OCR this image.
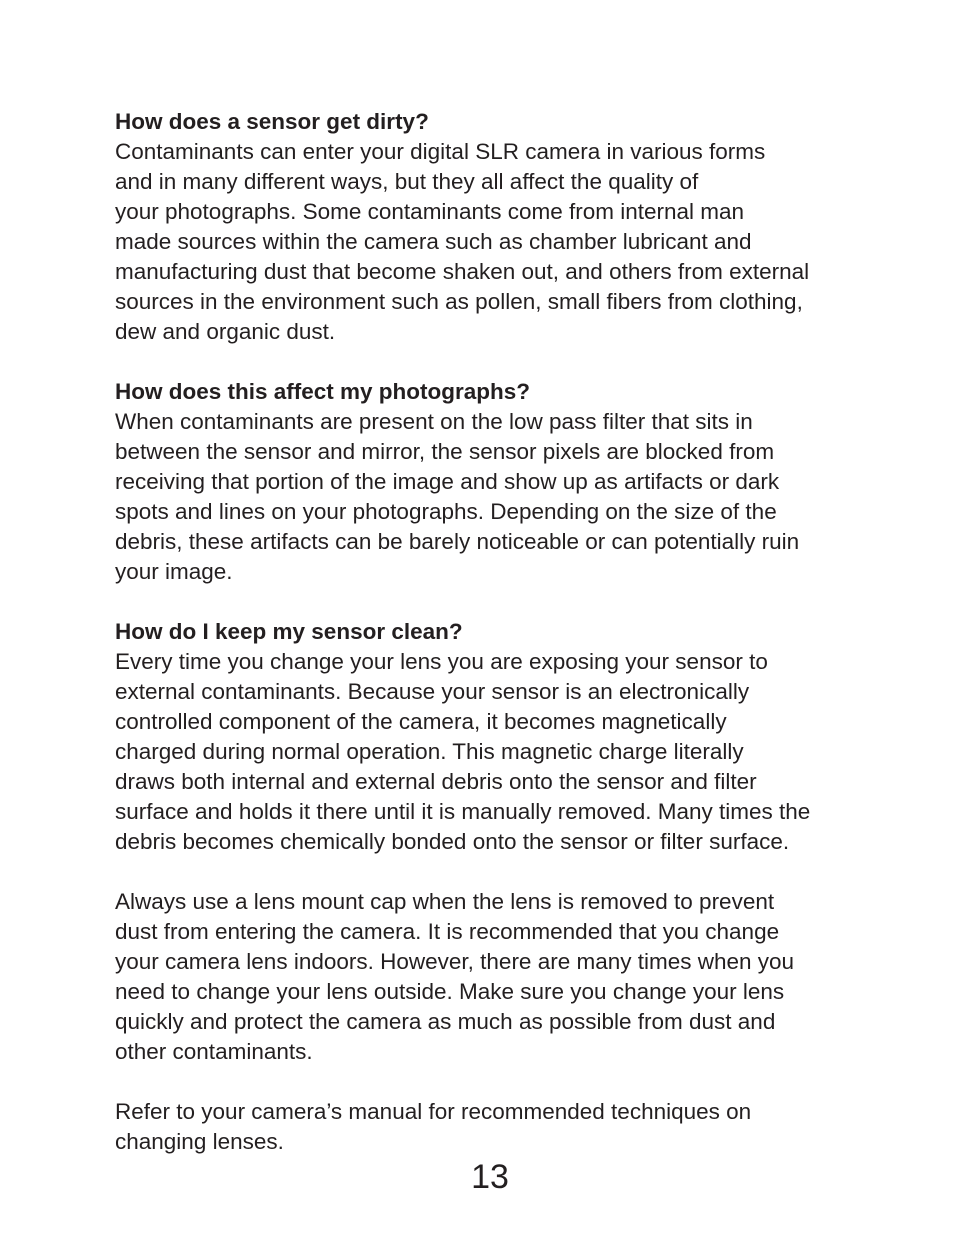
How does a sensor get dirty?
Contaminants can enter your digital SLR camera in various forms
and in many different ways, but they all affect the quality of
your photographs. Some contaminants come from internal man
made sources within the camera such as chamber lubricant and
manufacturing dust that become shaken out, and others from external
sources in the environment such as pollen, small fibers from clothing,
dew and organic dust.
How does this affect my photographs?
When contaminants are present on the low pass filter that sits in
between the sensor and mirror, the sensor pixels are blocked from
receiving that portion of the image and show up as artifacts or dark
spots and lines on your photographs. Depending on the size of the
debris, these artifacts can be barely noticeable or can potentially ruin
your image.
How do I keep my sensor clean?
Every time you change your lens you are exposing your sensor to
external contaminants. Because your sensor is an electronically
controlled component of the camera, it becomes magnetically
charged during normal operation. This magnetic charge literally
draws both internal and external debris onto the sensor and filter
surface and holds it there until it is manually removed. Many times the
debris becomes chemically bonded onto the sensor or filter surface.
Always use a lens mount cap when the lens is removed to prevent
dust from entering the camera. It is recommended that you change
your camera lens indoors. However, there are many times when you
need to change your lens outside. Make sure you change your lens
quickly and protect the camera as much as possible from dust and
other contaminants.
Refer to your camera’s manual for recommended techniques on
changing lenses.
13
